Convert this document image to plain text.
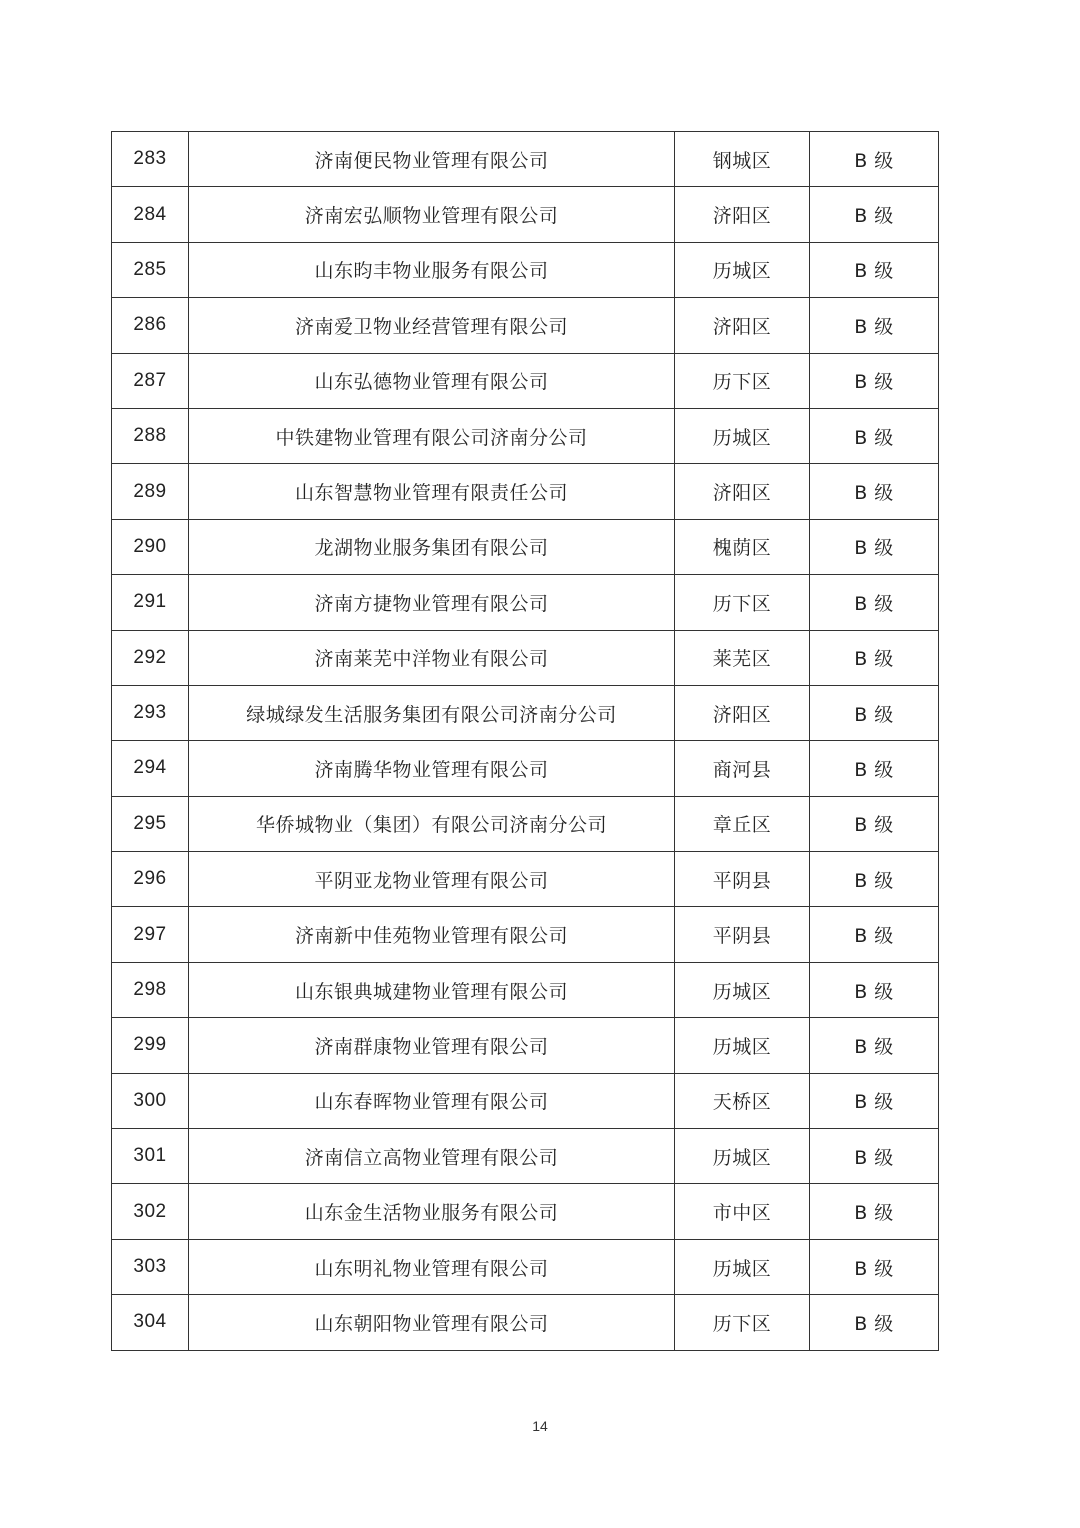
283	济南便民物业管理有限公司	钢城区	B 级
284	济南宏弘顺物业管理有限公司	济阳区	B 级
285	山东昀丰物业服务有限公司	历城区	B 级
286	济南爱卫物业经营管理有限公司	济阳区	B 级
287	山东弘德物业管理有限公司	历下区	B 级
288	中铁建物业管理有限公司济南分公司	历城区	B 级
289	山东智慧物业管理有限责任公司	济阳区	B 级
290	龙湖物业服务集团有限公司	槐荫区	B 级
291	济南方捷物业管理有限公司	历下区	B 级
292	济南莱芜中洋物业有限公司	莱芜区	B 级
293	绿城绿发生活服务集团有限公司济南分公司	济阳区	B 级
294	济南腾华物业管理有限公司	商河县	B 级
295	华侨城物业（集团）有限公司济南分公司	章丘区	B 级
296	平阴亚龙物业管理有限公司	平阴县	B 级
297	济南新中佳苑物业管理有限公司	平阴县	B 级
298	山东银典城建物业管理有限公司	历城区	B 级
299	济南群康物业管理有限公司	历城区	B 级
300	山东春晖物业管理有限公司	天桥区	B 级
301	济南信立高物业管理有限公司	历城区	B 级
302	山东金生活物业服务有限公司	市中区	B 级
303	山东明礼物业管理有限公司	历城区	B 级
304	山东朝阳物业管理有限公司	历下区	B 级
14
